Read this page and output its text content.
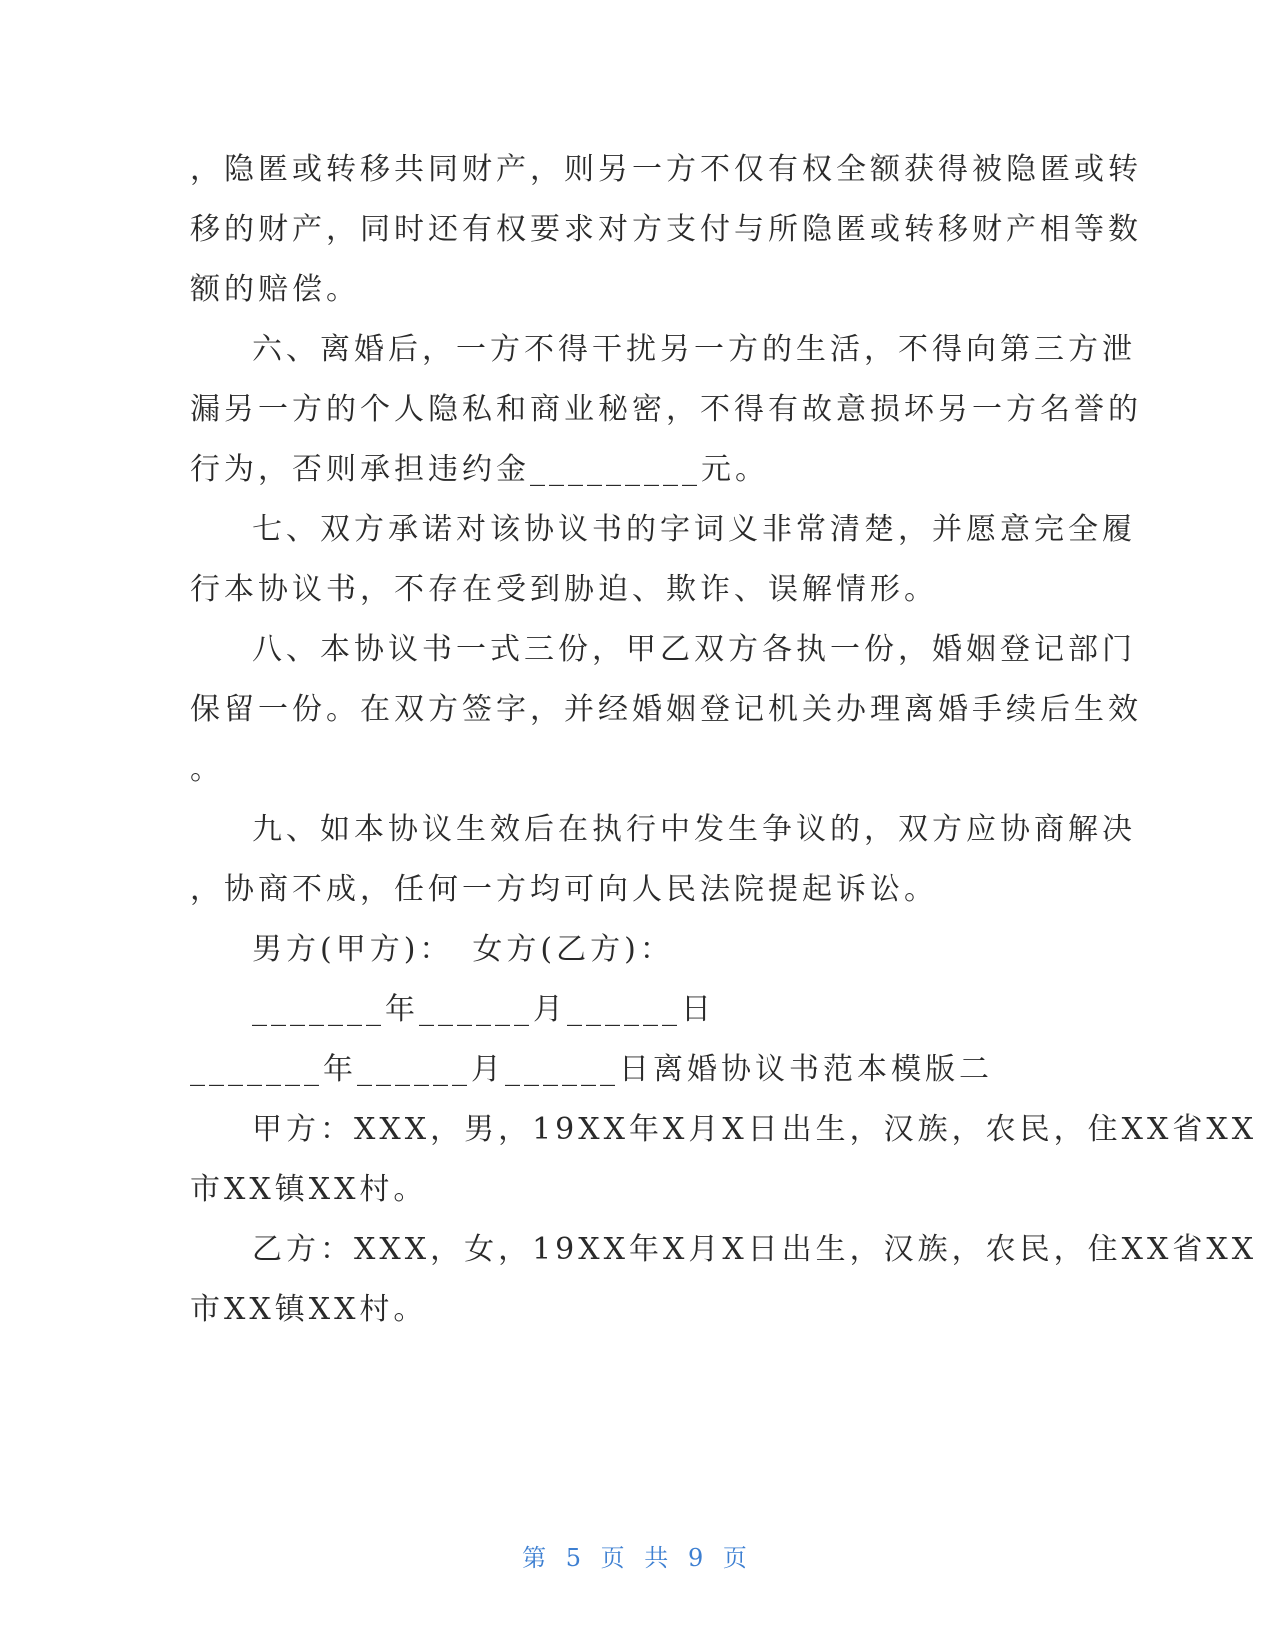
，隐匿或转移共同财产，则另一方不仅有权全额获得被隐匿或转

移的财产，同时还有权要求对方支付与所隐匿或转移财产相等数

额的赔偿。

六、离婚后，一方不得干扰另一方的生活，不得向第三方泄

漏另一方的个人隐私和商业秘密，不得有故意损坏另一方名誉的

行为，否则承担违约金_________元。

七、双方承诺对该协议书的字词义非常清楚，并愿意完全履

行本协议书，不存在受到胁迫、欺诈、误解情形。

八、本协议书一式三份，甲乙双方各执一份，婚姻登记部门

保留一份。在双方签字，并经婚姻登记机关办理离婚手续后生效

。

九、如本协议生效后在执行中发生争议的，双方应协商解决

，协商不成，任何一方均可向人民法院提起诉讼。

男方(甲方)：　女方(乙方)：

_______年______月______日

_______年______月______日离婚协议书范本模版二

甲方：XXX，男，19XX年X月X日出生，汉族，农民，住XX省XX

市XX镇XX村。

乙方：XXX，女，19XX年X月X日出生，汉族，农民，住XX省XX

市XX镇XX村。

第 5 页 共 9 页
